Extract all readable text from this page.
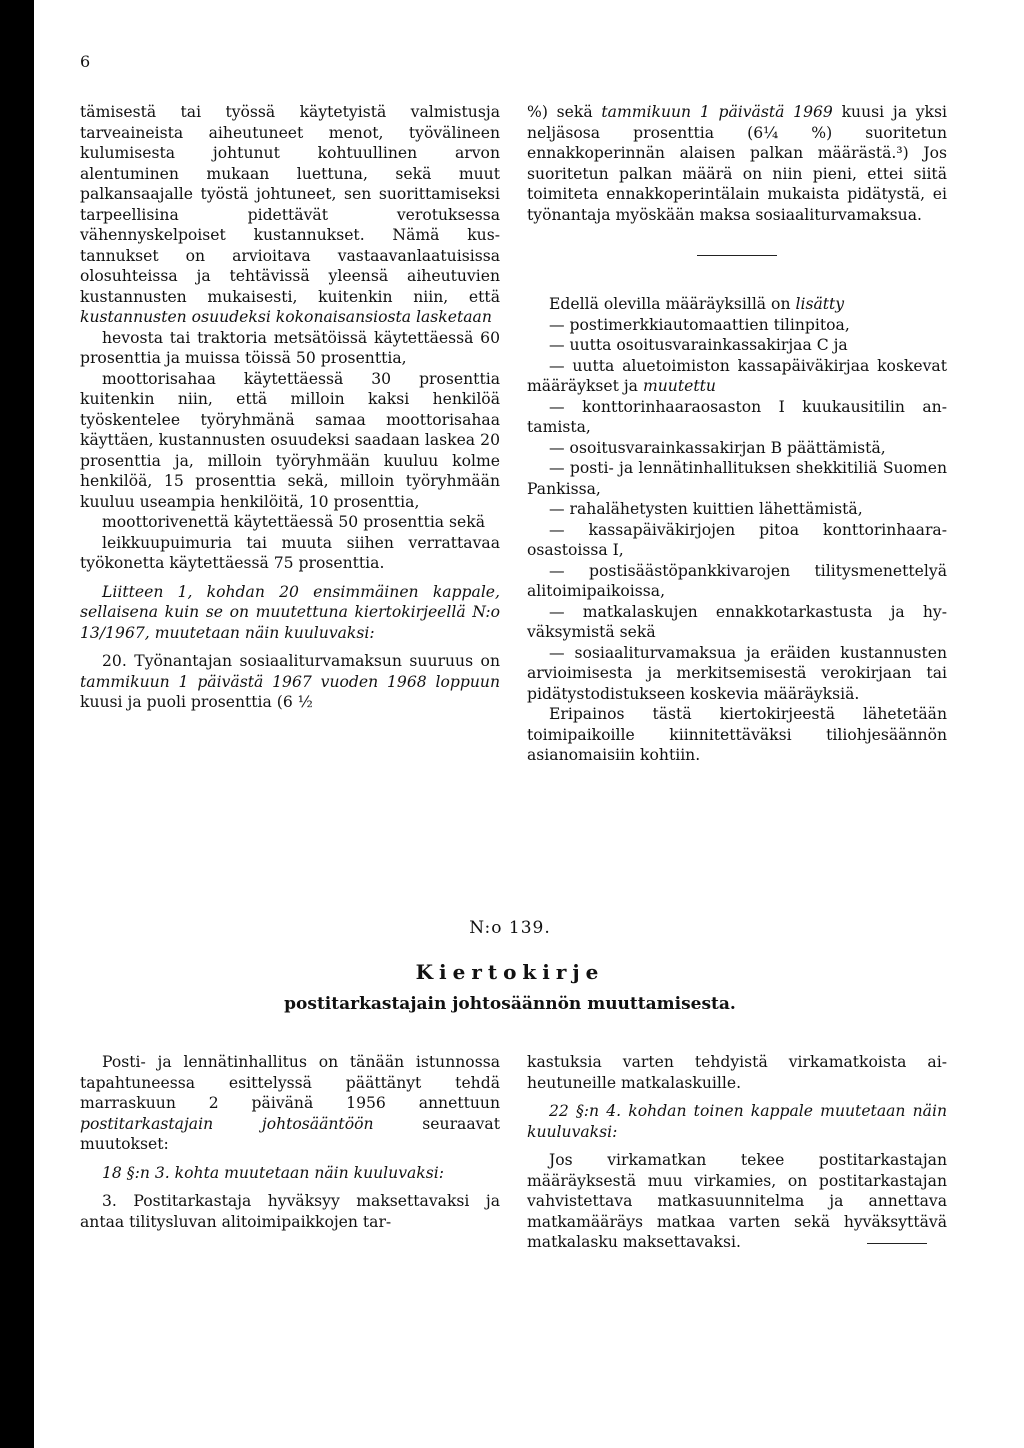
6

tämisestä tai työssä käytetyistä valmistusja tarveaineista aiheutuneet menot, työvälineen kulumisesta johtunut kohtuullinen arvon alentuminen mukaan luettuna, sekä muut palkansaajalle työstä johtuneet, sen suorittamiseksi tarpeellisina pidettävät verotuksessa vähennyskelpoiset kustannukset. Nämä kustannukset on arvioitava vastaavanlaatuisissa olosuhteissa ja tehtävissä yleensä aiheutuvien kustannusten mukaisesti, kuitenkin niin, että kustannusten osuudeksi kokonaisansiosta lasketaan

hevosta tai traktoria metsätöissä käytettäessä 60 prosenttia ja muissa töissä 50 prosenttia,

moottorisahaa käytettäessä 30 prosenttia kuitenkin niin, että milloin kaksi henkilöä työskentelee työryhmänä samaa moottorisahaa käyttäen, kustannusten osuudeksi saadaan laskea 20 prosenttia ja, milloin työryhmään kuuluu kolme henkilöä, 15 prosenttia sekä, milloin työryhmään kuuluu useampia henkilöitä, 10 prosenttia,

moottorivenettä käytettäessä 50 prosenttia sekä

leikkuupuimuria tai muuta siihen verrattavaa työkonetta käytettäessä 75 prosenttia.

Liitteen 1, kohdan 20 ensimmäinen kappale, sellaisena kuin se on muutettuna kiertokirjeellä N:o 13/1967, muutetaan näin kuuluvaksi:

20. Työnantajan sosiaaliturvamaksun suuruus on tammikuun 1 päivästä 1967 vuoden 1968 loppuun kuusi ja puoli prosenttia (6 ½

%) sekä tammikuun 1 päivästä 1969 kuusi ja yksi neljäsosa prosenttia (6¼ %) suoritetun ennakkoperinnän alaisen palkan määrästä.³) Jos suoritetun palkan määrä on niin pieni, ettei siitä toimiteta ennakkoperintälain mukaista pidätystä, ei työnantaja myöskään maksa sosiaaliturvamaksua.

Edellä olevilla määräyksillä on lisätty

— postimerkkiautomaattien tilinpitoa,

— uutta osoitusvarainkassakirjaa C ja

— uutta aluetoimiston kassapäiväkirjaa koskevat määräykset ja muutettu

— konttorinhaaraosaston I kuukausitilin antamista,

— osoitusvarainkassakirjan B päättämistä,

— posti- ja lennätinhallituksen shekkitiliä Suomen Pankissa,

— rahalähetysten kuittien lähettämistä,

— kassapäiväkirjojen pitoa konttorinhaaraosastoissa I,

— postisäästöpankkivarojen tilitysmenettelyä alitoimipaikoissa,

— matkalaskujen ennakkotarkastusta ja hyväksymistä sekä

— sosiaaliturvamaksua ja eräiden kustannusten arvioimisesta ja merkitsemisestä verokirjaan tai pidätystodistukseen koskevia määräyksiä.

Eripainos tästä kiertokirjeestä lähetetään toimipaikoille kiinnitettäväksi tiliohjesäännön asianomaisiin kohtiin.

N:o 139.
Kiertokirje
postitarkastajain johtosäännön muuttamisesta.

Posti- ja lennätinhallitus on tänään istunnossa tapahtuneessa esittelyssä päättänyt tehdä marraskuun 2 päivänä 1956 annettuun postitarkastajain johtosääntöön	seuraavat muutokset:

18 §:n 3. kohta muutetaan näin kuuluvaksi:

3. Postitarkastaja hyväksyy maksettavaksi ja antaa tilitysluvan alitoimipaikkojen tar-

kastuksia varten tehdyistä virkamatkoista aiheutuneille matkalaskuille.

22 §:n 4. kohdan toinen kappale muutetaan näin kuuluvaksi:

Jos virkamatkan tekee postitarkastajan määräyksestä muu virkamies, on postitarkastajan vahvistettava matkasuunnitelma ja annettava matkamääräys matkaa varten sekä hyväksyttävä matkalasku maksettavaksi.
